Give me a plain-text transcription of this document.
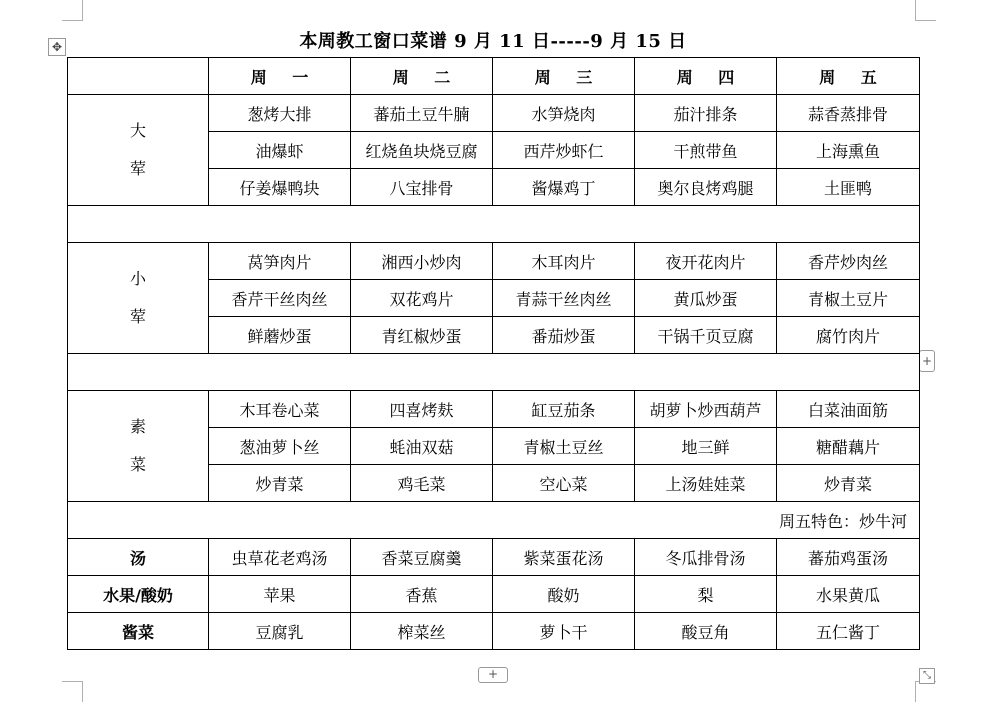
✥
+
+	⤡
本周教工窗口菜谱 9 月 11 日-----9 月 15 日
	周 一	周 二	周 三	周 四	周 五

大
荤	葱烤大排	蕃茄土豆牛腩	水笋烧肉	茄汁排条	蒜香蒸排骨
	油爆虾	红烧鱼块烧豆腐	西芹炒虾仁	干煎带鱼	上海熏鱼
	仔姜爆鸭块	八宝排骨	酱爆鸡丁	奥尔良烤鸡腿	土匪鸭

小
荤	莴笋肉片	湘西小炒肉	木耳肉片	夜开花肉片	香芹炒肉丝
	香芹干丝肉丝	双花鸡片	青蒜干丝肉丝	黄瓜炒蛋	青椒土豆片
	鲜蘑炒蛋	青红椒炒蛋	番茄炒蛋	干锅千页豆腐	腐竹肉片

素
菜	木耳卷心菜	四喜烤麸	缸豆茄条	胡萝卜炒西葫芦	白菜油面筋
	葱油萝卜丝	蚝油双菇	青椒土豆丝	地三鲜	糖醋藕片
	炒青菜	鸡毛菜	空心菜	上汤娃娃菜	炒青菜
周五特色：炒牛河					
汤	虫草花老鸡汤	香菜豆腐羹	紫菜蛋花汤	冬瓜排骨汤	蕃茄鸡蛋汤
水果/酸奶	苹果	香蕉	酸奶	梨	水果黄瓜
酱菜	豆腐乳	榨菜丝	萝卜干	酸豆角	五仁酱丁
